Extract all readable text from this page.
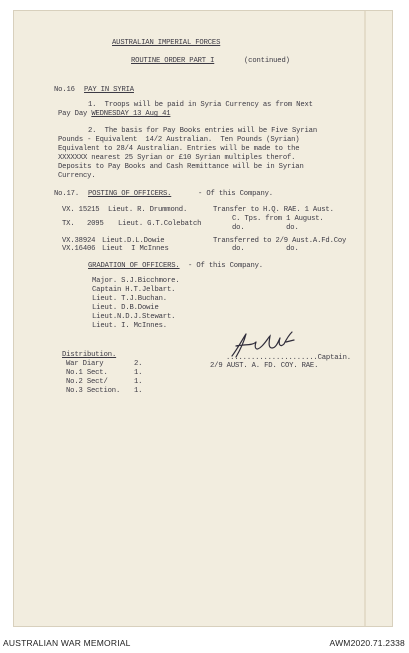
AUSTRALIAN IMPERIAL FORCES
ROUTINE ORDER PART I	(continued)
No.16 PAY IN SYRIA
1.  Troops will be paid in Syria Currency as from Next
Pay Day WEDNESDAY 13 Aug 41
2.  The basis for Pay Books entries will be Five Syrian
Pounds - Equivalent  14/2 Australian.  Ten Pounds (Syrian)
Equivalent to 28/4 Australian. Entries will be made to the
XXXXXXX nearest 25 Syrian or £10 Syrian multiples therof.
Deposits to Pay Books and Cash Remittance will be in Syrian
Currency.
No.17. POSTING OF OFFICERS.	- Of this Company.
VX. 15215 Lieut. R. Drummond.	Transfer to H.Q. RAE. 1 Aust.
C. Tps. from 1 August.
TX.   2095 Lieut. G.T.Colebatch	do.          do.
VX.38924 Lieut.D.L.Dowie	Transferred to 2/9 Aust.A.Fd.Coy
VX.16406 Lieut  I McInnes	do.          do.
GRADATION OF OFFICERS. - Of this Company.
Major. S.J.Bicchmore.
Captain H.T.Jelbart.
Lieut. T.J.Buchan.
Lieut. D.B.Dowie
Lieut.N.D.J.Stewart.
Lieut. I. McInnes.
Distribution.
War Diary	2.
No.1 Sect.	1.
No.2 Sect/	1.
No.3 Section. 1.
......................Captain.
2/9 AUST. A. FD. COY. RAE.
AUSTRALIAN WAR MEMORIAL	AWM2020.71.2338
